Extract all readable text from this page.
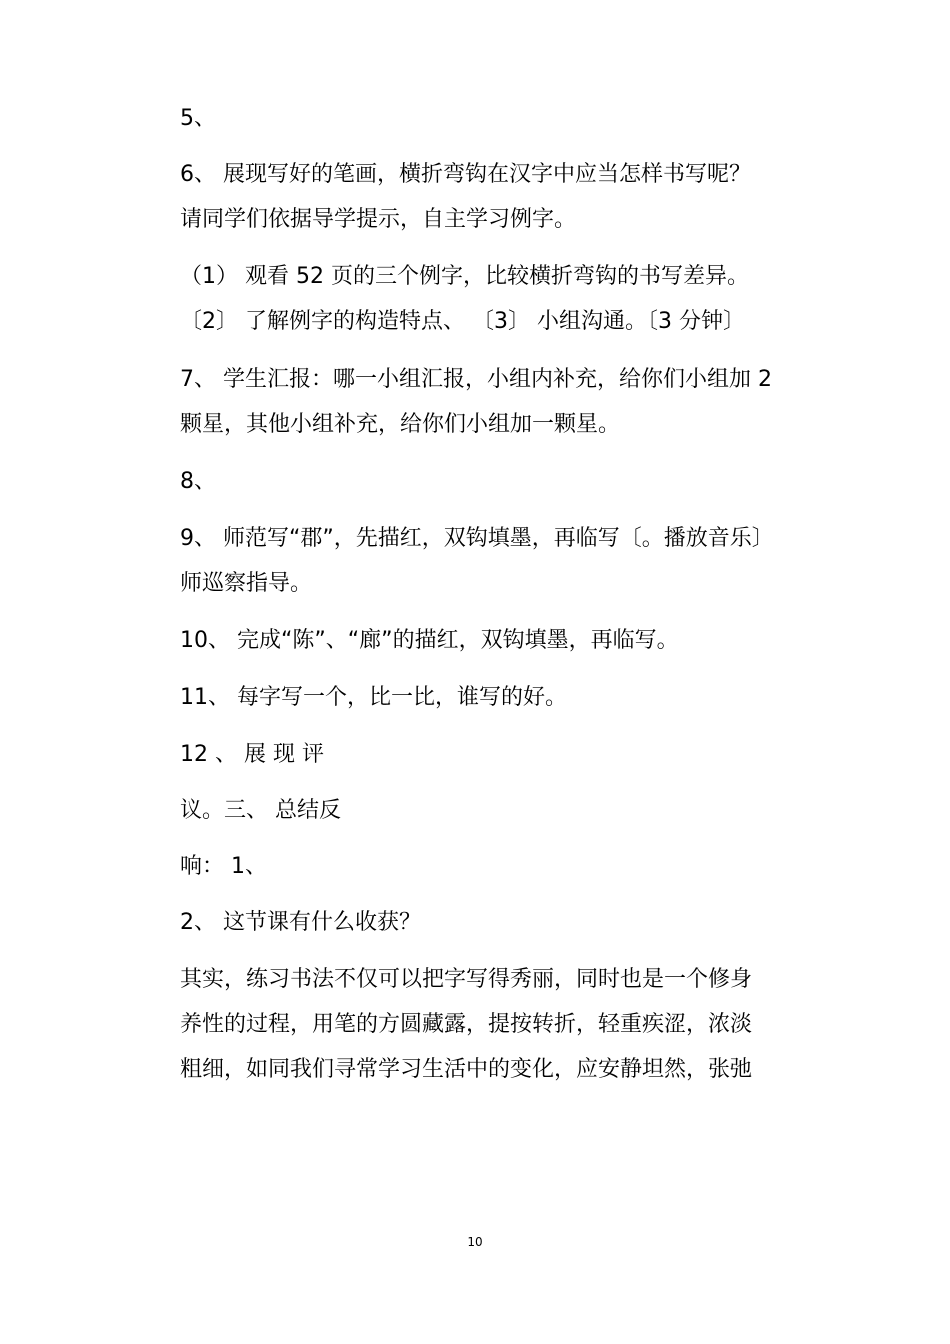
5、

6、 展现写好的笔画，横折弯钩在汉字中应当怎样书写呢？

请同学们依据导学提示，自主学习例字。

（1） 观看 52 页的三个例字，比较横折弯钩的书写差异。

〔2〕 了解例字的构造特点、 〔3〕 小组沟通。〔3 分钟〕

7、 学生汇报：哪一小组汇报，小组内补充，给你们小组加 2

颗星，其他小组补充，给你们小组加一颗星。

8、

9、 师范写“郡”，先描红，双钩填墨，再临写〔。播放音乐〕

师巡察指导。

10、 完成“陈”、“廊”的描红，双钩填墨，再临写。

11、 每字写一个，比一比，谁写的好。

12 、 展 现 评

议。三、 总结反

响： 1、

2、 这节课有什么收获？

其实，练习书法不仅可以把字写得秀丽，同时也是一个修身

养性的过程，用笔的方圆藏露，提按转折，轻重疾涩，浓淡

粗细，如同我们寻常学习生活中的变化，应安静坦然，张弛

10
